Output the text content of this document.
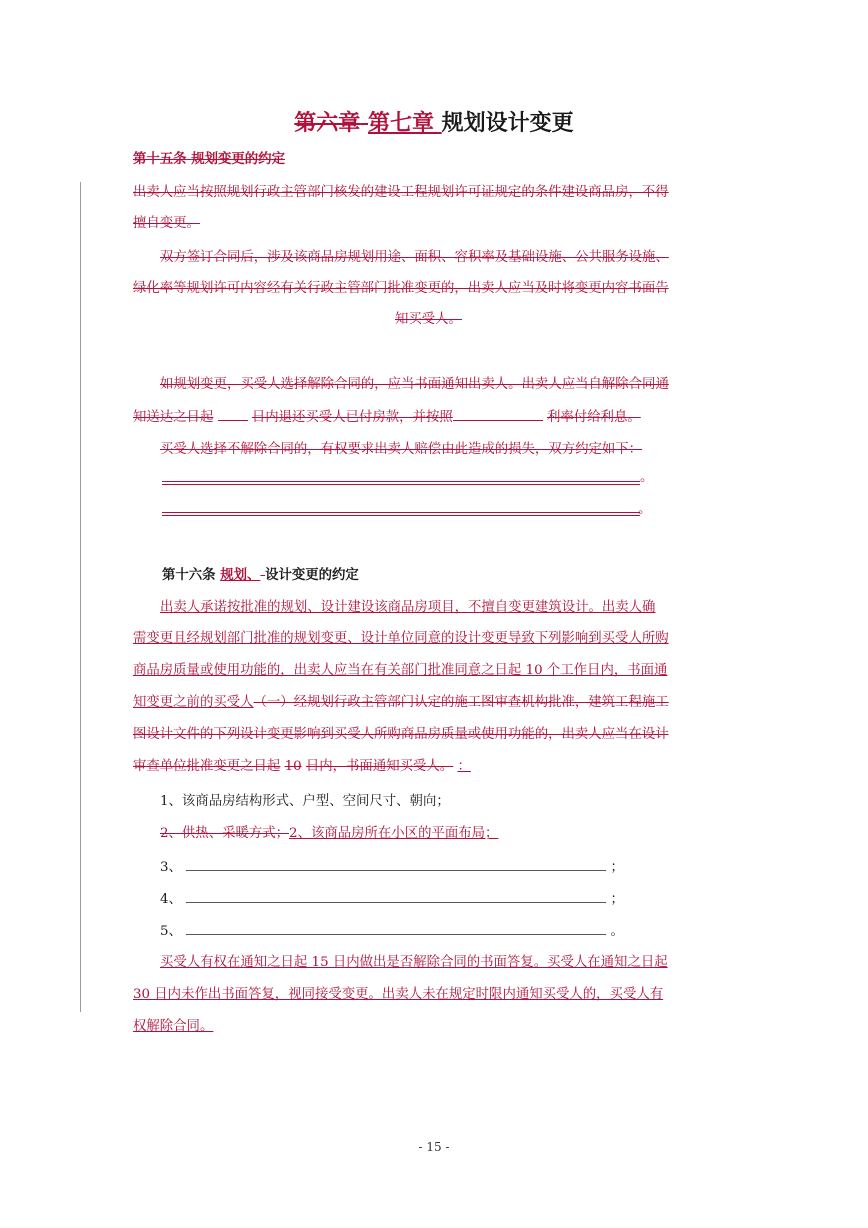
第六章 第七章 规划设计变更
第十五条 规划变更的约定
出卖人应当按照规划行政主管部门核发的建设工程规划许可证规定的条件建设商品房，不得
擅自变更。
双方签订合同后，涉及该商品房规划用途、面积、容积率及基础设施、公共服务设施、
绿化率等规划许可内容经有关行政主管部门批准变更的，出卖人应当及时将变更内容书面告
知买受人。
如规划变更，买受人选择解除合同的，应当书面通知出卖人。出卖人应当自解除合同通
知送达之日起	日内退还买受人已付房款，并按照	利率付给利息。
买受人选择不解除合同的，有权要求出卖人赔偿由此造成的损失，双方约定如下：
。
。
第十六条 规划、 设计变更的约定
出卖人承诺按批准的规划、设计建设该商品房项目，不擅自变更建筑设计。出卖人确
需变更且经规划部门批准的规划变更、设计单位同意的设计变更导致下列影响到买受人所购
商品房质量或使用功能的，出卖人应当在有关部门批准同意之日起 10 个工作日内，书面通
知变更之前的买受人（一）经规划行政主管部门认定的施工图审查机构批准，建筑工程施工
图设计文件的下列设计变更影响到买受人所购商品房质量或使用功能的，出卖人应当在设计
审查单位批准变更之日起 10 日内，书面通知买受人。 ：
1、该商品房结构形式、户型、空间尺寸、朝向；
2、供热、采暖方式；2、该商品房所在小区的平面布局；
3、	；
4、	；
5、	。
买受人有权在通知之日起 15 日内做出是否解除合同的书面答复。买受人在通知之日起
30 日内未作出书面答复，视同接受变更。出卖人未在规定时限内通知买受人的，买受人有
权解除合同。
- 15 -
